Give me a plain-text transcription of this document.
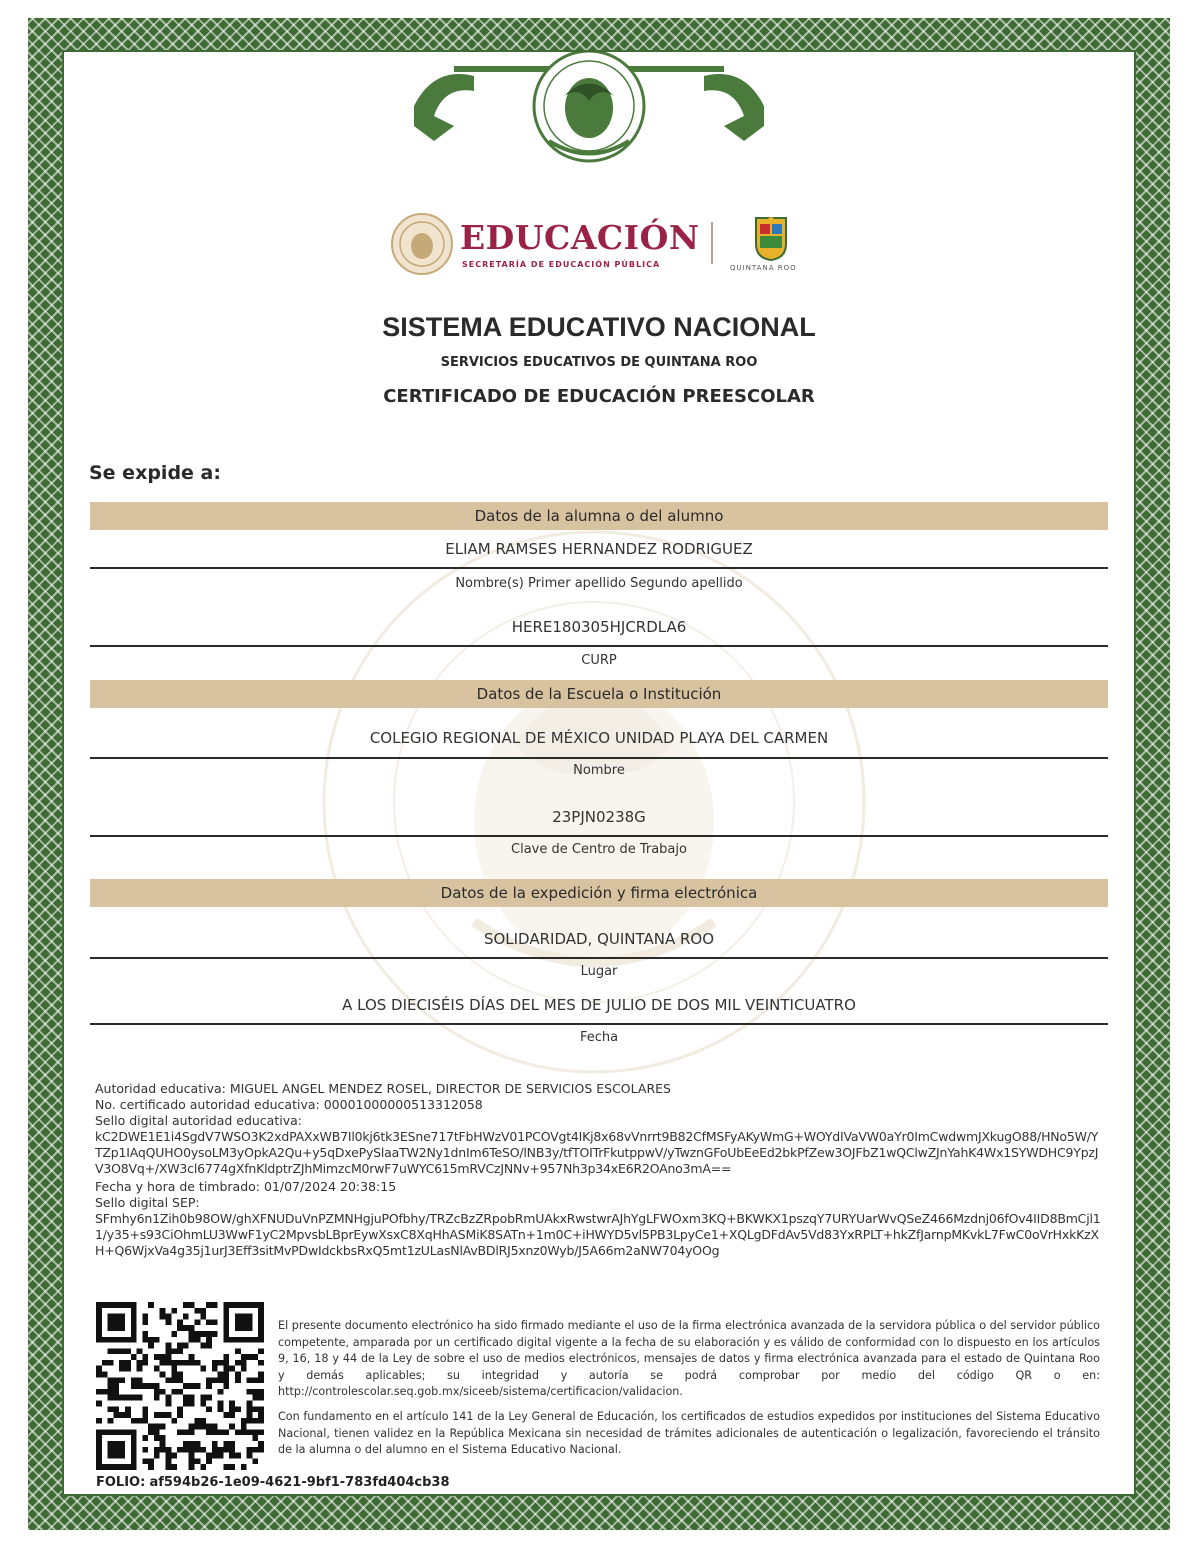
EDUCACIÓN
SECRETARÍA DE EDUCACIÓN PÚBLICA	QUINTANA ROO
SISTEMA EDUCATIVO NACIONAL
SERVICIOS EDUCATIVOS DE QUINTANA ROO
CERTIFICADO DE EDUCACIÓN PREESCOLAR
Se expide a:
Datos de la alumna o del alumno
ELIAM RAMSES HERNANDEZ RODRIGUEZ
Nombre(s) Primer apellido Segundo apellido
HERE180305HJCRDLA6
CURP
Datos de la Escuela o Institución
COLEGIO REGIONAL DE MÉXICO UNIDAD PLAYA DEL CARMEN
Nombre
23PJN0238G
Clave de Centro de Trabajo
Datos de la expedición y firma electrónica
SOLIDARIDAD, QUINTANA ROO
Lugar
A LOS DIECISÉIS DÍAS DEL MES DE JULIO DE DOS MIL VEINTICUATRO
Fecha
Autoridad educativa: MIGUEL ANGEL MENDEZ ROSEL, DIRECTOR DE SERVICIOS ESCOLARES
No. certificado autoridad educativa: 00001000000513312058
Sello digital autoridad educativa:
kC2DWE1E1i4SgdV7WSO3K2xdPAXxWB7Il0kj6tk3ESne717tFbHWzV01PCOVgt4IKj8x68vVnrrt9B82CfMSFyAKyWmG+WOYdIVaVW0aYr0ImCwdwmJXkugO88/HNo5W/YTZp1IAqQUHO0ysoLM3yOpkA2Qu+y5qDxePySlaaTW2Ny1dnIm6TeSO/lNB3y/tfTOITrFkutppwV/yTwznGFoUbEeEd2bkPfZew3OJFbZ1wQClwZJnYahK4Wx1SYWDHC9YpzJV3O8Vq+/XW3cl6774gXfnKldptrZJhMimzcM0rwF7uWYC615mRVCzJNNv+957Nh3p34xE6R2OAno3mA==
Fecha y hora de timbrado: 01/07/2024 20:38:15
Sello digital SEP:
SFmhy6n1Zih0b98OW/ghXFNUDuVnPZMNHgjuPOfbhy/TRZcBzZRpobRmUAkxRwstwrAJhYgLFWOxm3KQ+BKWKX1pszqY7URYUarWvQSeZ466Mzdnj06fOv4IID8BmCjl11/y35+s93CiOhmLU3WwF1yC2MpvsbLBprEywXsxC8XqHhASMiK8SATn+1m0C+iHWYD5vl5PB3LpyCe1+XQLgDFdAv5Vd83YxRPLT+hkZfJarnpMKvkL7FwC0oVrHxkKzXH+Q6WjxVa4g35j1urJ3Eff3sitMvPDwIdckbsRxQ5mt1zULasNlAvBDlRJ5xnz0Wyb/J5A66m2aNW704yOOg
El presente documento electrónico ha sido firmado mediante el uso de la firma electrónica avanzada de la servidora pública o del servidor público competente, amparada por un certificado digital vigente a la fecha de su elaboración y es válido de conformidad con lo dispuesto en los artículos 9, 16, 18 y 44 de la Ley de sobre el uso de medios electrónicos, mensajes de datos y firma electrónica avanzada para el estado de Quintana Roo y demás aplicables; su integridad y autoría se podrá comprobar por medio del código QR o en: http://controlescolar.seq.gob.mx/siceeb/sistema/certificacion/validacion.
Con fundamento en el artículo 141 de la Ley General de Educación, los certificados de estudios expedidos por instituciones del Sistema Educativo Nacional, tienen validez en la República Mexicana sin necesidad de trámites adicionales de autenticación o legalización, favoreciendo el tránsito de la alumna o del alumno en el Sistema Educativo Nacional.
FOLIO: af594b26-1e09-4621-9bf1-783fd404cb38
